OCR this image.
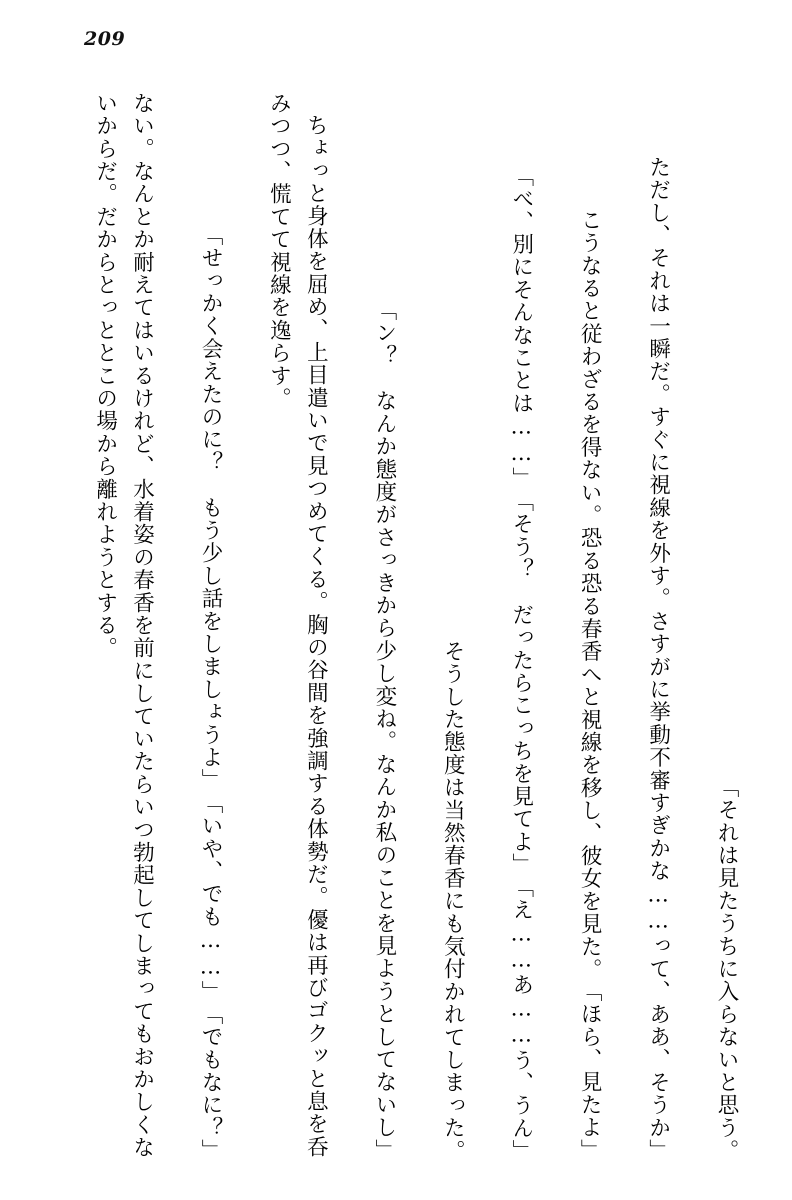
209

「それは見たうちに入らないと思う。

ただし、それは一瞬だ。すぐに視線を外す。さすがに挙動不審すぎかな……って、ああ、そうか」

「ほら、見たよ」

こうなると従わざるを得ない。恐る恐る春香へと視線を移し、彼女を見た。

「え……あ……う、うん」

「そう？　だったらこっちを見てよ」

「べ、別にそんなことは……」

そうした態度は当然春香にも気付かれてしまった。

「ン？　なんか態度がさっきから少し変ね。なんか私のことを見ようとしてないし」

ちょっと身体を屈め、上目遣いで見つめてくる。胸の谷間を強調する体勢だ。優は再びゴクッと息を呑みつつ、慌てて視線を逸らす。

「でもなに？」

「いや、でも……」

「せっかく会えたのに？　もう少し話をしましょうよ」

ない。なんとか耐えてはいるけれど、水着姿の春香を前にしていたらいつ勃起してしまってもおかしくないからだ。だからとっととこの場から離れようとする。
